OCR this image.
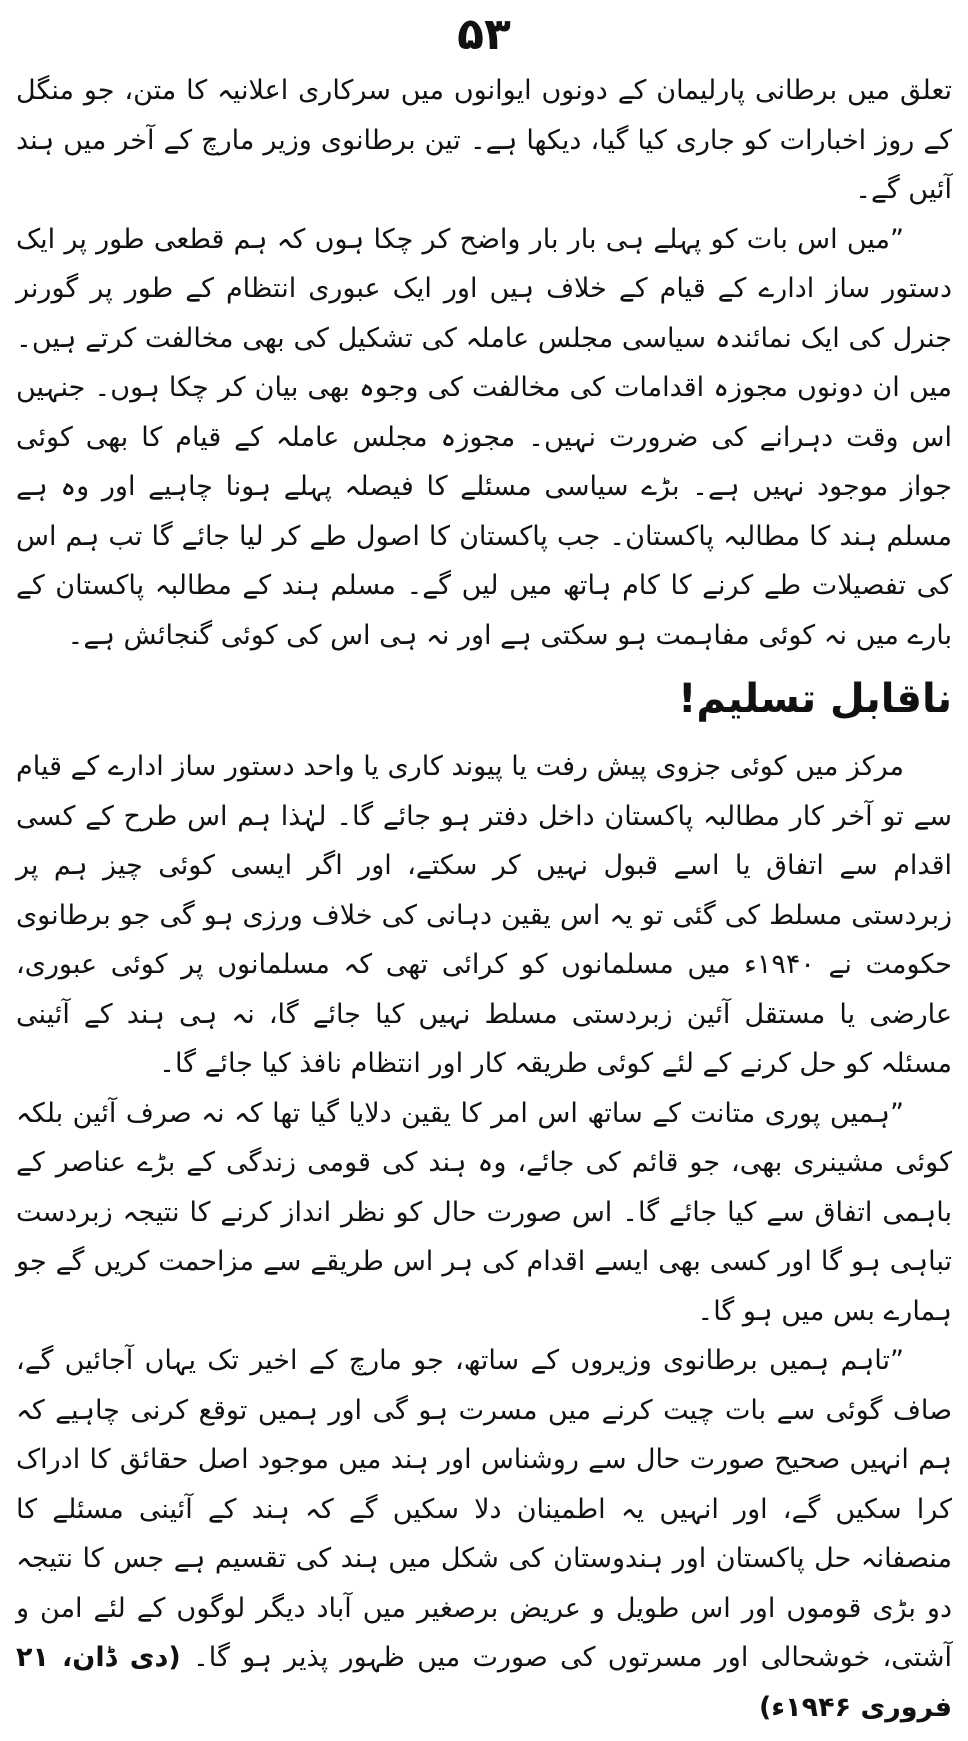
۵۳

تعلق میں برطانی پارلیمان کے دونوں ایوانوں میں سرکاری اعلانیہ کا متن، جو منگل کے روز اخبارات کو جاری کیا گیا، دیکھا ہے۔ تین برطانوی وزیر مارچ کے آخر میں ہند آئیں گے۔

”میں اس بات کو پہلے ہی بار بار واضح کر چکا ہوں کہ ہم قطعی طور پر ایک دستور ساز ادارے کے قیام کے خلاف ہیں اور ایک عبوری انتظام کے طور پر گورنر جنرل کی ایک نمائندہ سیاسی مجلس عاملہ کی تشکیل کی بھی مخالفت کرتے ہیں۔ میں ان دونوں مجوزہ اقدامات کی مخالفت کی وجوہ بھی بیان کر چکا ہوں۔ جنہیں اس وقت دہرانے کی ضرورت نہیں۔ مجوزہ مجلس عاملہ کے قیام کا بھی کوئی جواز موجود نہیں ہے۔ بڑے سیاسی مسئلے کا فیصلہ پہلے ہونا چاہیے اور وہ ہے مسلم ہند کا مطالبہ پاکستان۔ جب پاکستان کا اصول طے کر لیا جائے گا تب ہم اس کی تفصیلات طے کرنے کا کام ہاتھ میں لیں گے۔ مسلم ہند کے مطالبہ پاکستان کے بارے میں نہ کوئی مفاہمت ہو سکتی ہے اور نہ ہی اس کی کوئی گنجائش ہے۔

ناقابل تسلیم!

مرکز میں کوئی جزوی پیش رفت یا پیوند کاری یا واحد دستور ساز ادارے کے قیام سے تو آخر کار مطالبہ پاکستان داخل دفتر ہو جائے گا۔ لہٰذا ہم اس طرح کے کسی اقدام سے اتفاق یا اسے قبول نہیں کر سکتے، اور اگر ایسی کوئی چیز ہم پر زبردستی مسلط کی گئی تو یہ اس یقین دہانی کی خلاف ورزی ہو گی جو برطانوی حکومت نے ۱۹۴۰ء میں مسلمانوں کو کرائی تھی کہ مسلمانوں پر کوئی عبوری، عارضی یا مستقل آئین زبردستی مسلط نہیں کیا جائے گا، نہ ہی ہند کے آئینی مسئلہ کو حل کرنے کے لئے کوئی طریقہ کار اور انتظام نافذ کیا جائے گا۔

”ہمیں پوری متانت کے ساتھ اس امر کا یقین دلایا گیا تھا کہ نہ صرف آئین بلکہ کوئی مشینری بھی، جو قائم کی جائے، وہ ہند کی قومی زندگی کے بڑے عناصر کے باہمی اتفاق سے کیا جائے گا۔ اس صورت حال کو نظر انداز کرنے کا نتیجہ زبردست تباہی ہو گا اور کسی بھی ایسے اقدام کی ہر اس طریقے سے مزاحمت کریں گے جو ہمارے بس میں ہو گا۔

”تاہم ہمیں برطانوی وزیروں کے ساتھ، جو مارچ کے اخیر تک یہاں آجائیں گے، صاف گوئی سے بات چیت کرنے میں مسرت ہو گی اور ہمیں توقع کرنی چاہیے کہ ہم انہیں صحیح صورت حال سے روشناس اور ہند میں موجود اصل حقائق کا ادراک کرا سکیں گے، اور انہیں یہ اطمینان دلا سکیں گے کہ ہند کے آئینی مسئلے کا منصفانہ حل پاکستان اور ہندوستان کی شکل میں ہند کی تقسیم ہے جس کا نتیجہ دو بڑی قوموں اور اس طویل و عریض برصغیر میں آباد دیگر لوگوں کے لئے امن و آشتی، خوشحالی اور مسرتوں کی صورت میں ظہور پذیر ہو گا۔ (دی ڈان، ۲۱ فروری ۱۹۴۶ء)
